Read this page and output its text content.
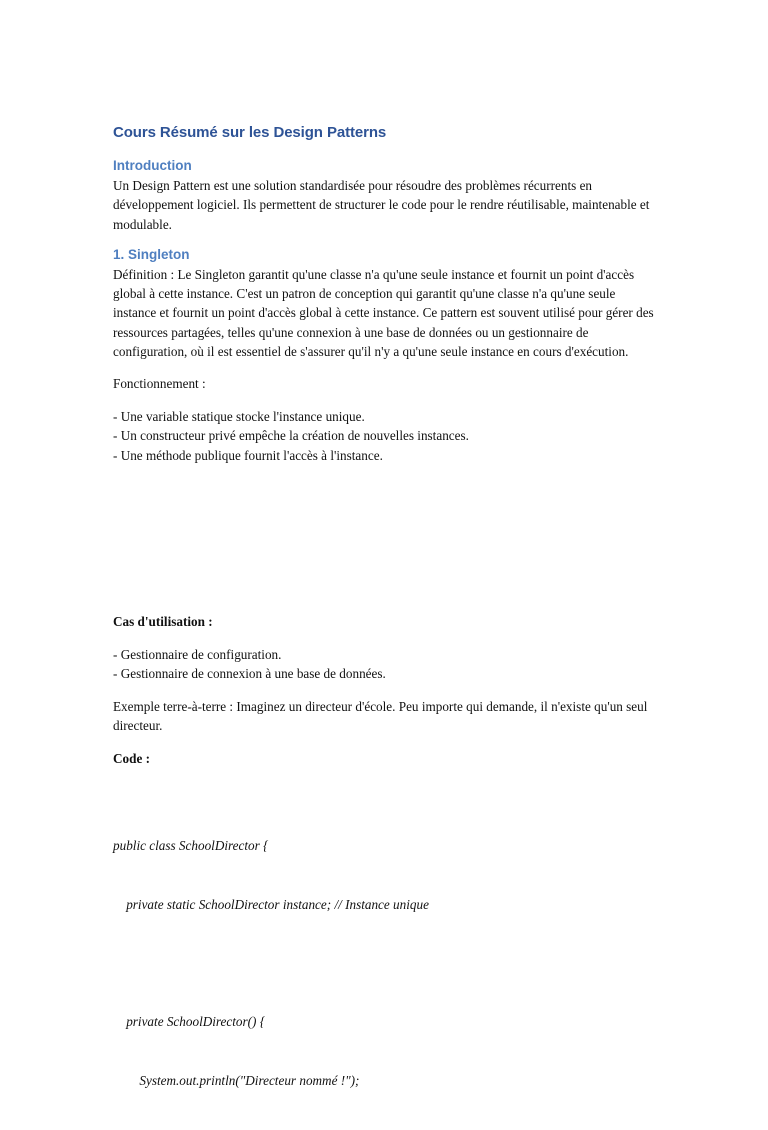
Cours Résumé sur les Design Patterns
Introduction

Un Design Pattern est une solution standardisée pour résoudre des problèmes récurrents en développement logiciel. Ils permettent de structurer le code pour le rendre réutilisable, maintenable et modulable.

1. Singleton

Définition : Le Singleton garantit qu'une classe n'a qu'une seule instance et fournit un point d'accès global à cette instance. C'est un patron de conception qui garantit qu'une classe n'a qu'une seule instance et fournit un point d'accès global à cette instance. Ce pattern est souvent utilisé pour gérer des ressources partagées, telles qu'une connexion à une base de données ou un gestionnaire de configuration, où il est essentiel de s'assurer qu'il n'y a qu'une seule instance en cours d'exécution.

Fonctionnement :

- Une variable statique stocke l'instance unique.
- Un constructeur privé empêche la création de nouvelles instances.
- Une méthode publique fournit l'accès à l'instance.

Cas d'utilisation :

- Gestionnaire de configuration.
- Gestionnaire de connexion à une base de données.

Exemple terre-à-terre : Imaginez un directeur d'école. Peu importe qui demande, il n'existe qu'un seul directeur.

Code :

public class SchoolDirector {

private static SchoolDirector instance; // Instance unique

private SchoolDirector() {

System.out.println("Directeur nommé !");
